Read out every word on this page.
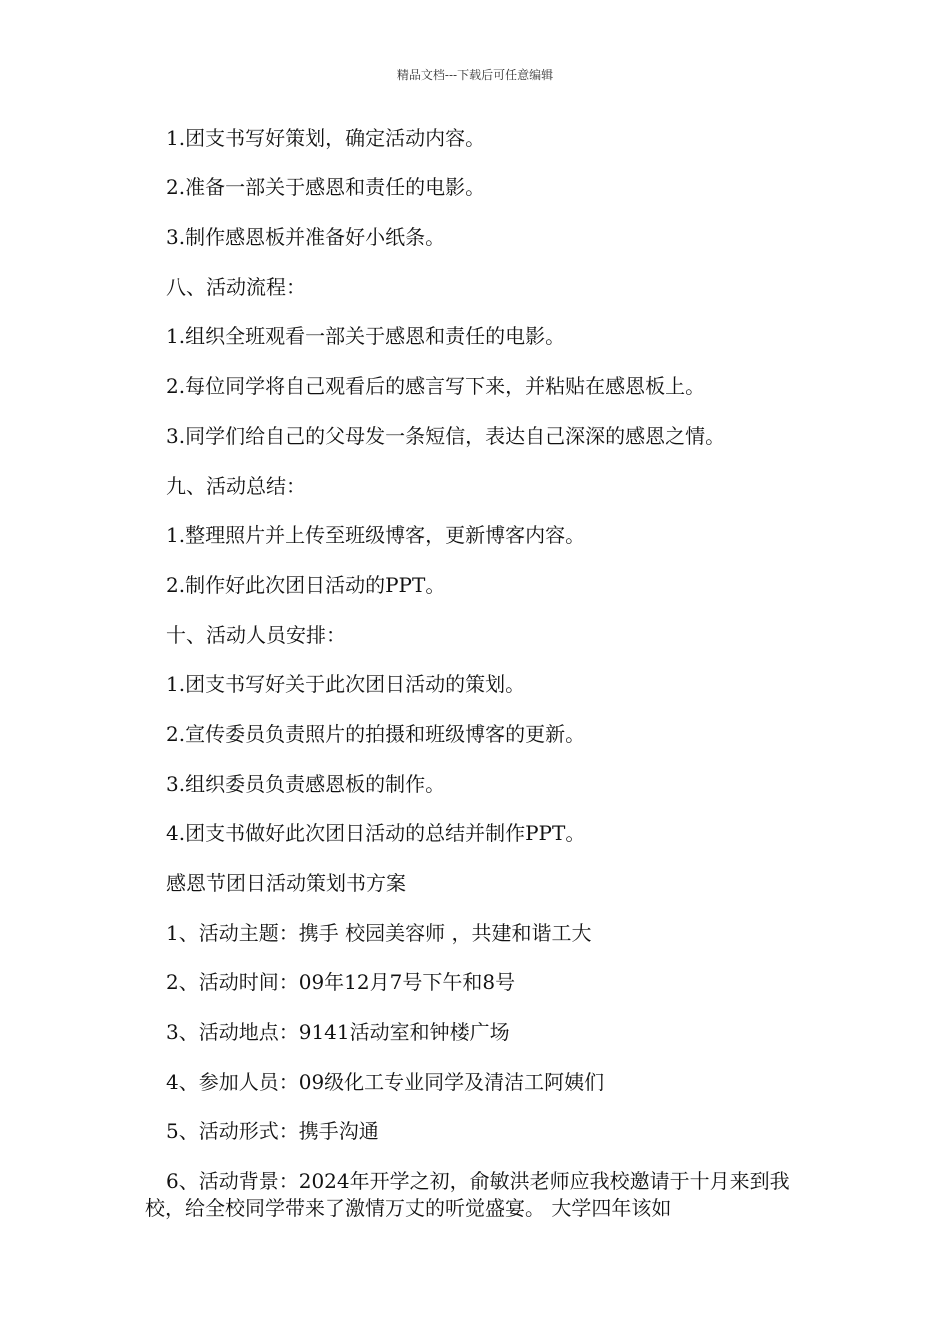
精品文档---下载后可任意编辑
1.团支书写好策划，确定活动内容。
2.准备一部关于感恩和责任的电影。
3.制作感恩板并准备好小纸条。
八、活动流程：
1.组织全班观看一部关于感恩和责任的电影。
2.每位同学将自己观看后的感言写下来，并粘贴在感恩板上。
3.同学们给自己的父母发一条短信，表达自己深深的感恩之情。
九、活动总结：
1.整理照片并上传至班级博客，更新博客内容。
2.制作好此次团日活动的PPT。
十、活动人员安排：
1.团支书写好关于此次团日活动的策划。
2.宣传委员负责照片的拍摄和班级博客的更新。
3.组织委员负责感恩板的制作。
4.团支书做好此次团日活动的总结并制作PPT。
感恩节团日活动策划书方案
1、活动主题：携手 校园美容师 ，共建和谐工大
2、活动时间：09年12月7号下午和8号
3、活动地点：9141活动室和钟楼广场
4、参加人员：09级化工专业同学及清洁工阿姨们
5、活动形式：携手沟通
6、活动背景：2024年开学之初，俞敏洪老师应我校邀请于十月来到我校，给全校同学带来了激情万丈的听觉盛宴。 大学四年该如
